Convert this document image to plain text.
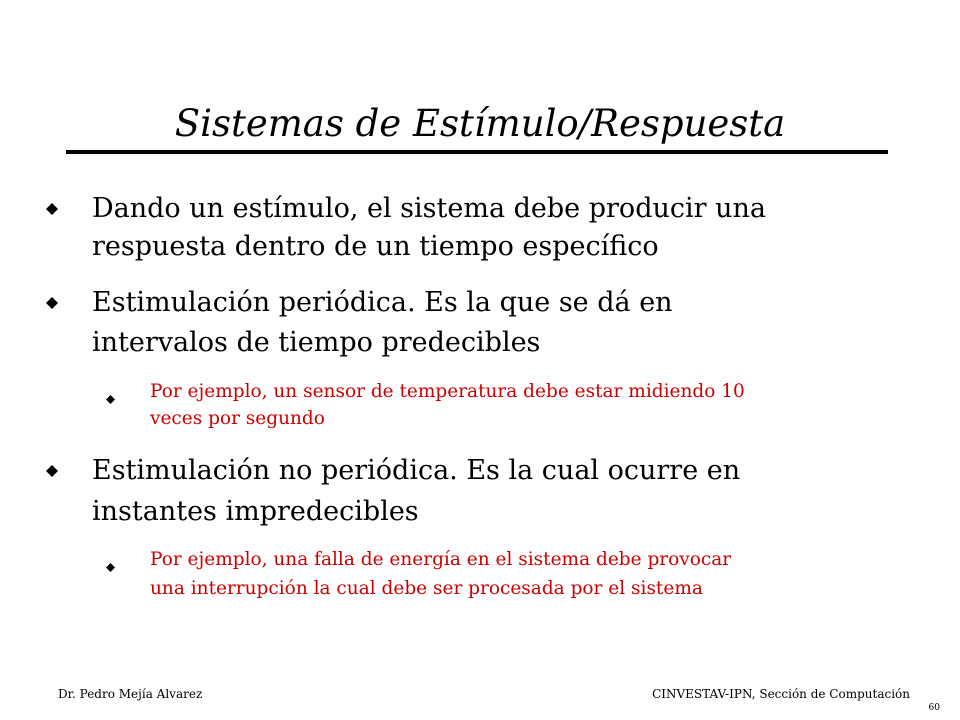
Sistemas de Estímulo/Respuesta
Dando un estímulo, el sistema debe producir una
respuesta dentro de un tiempo específico
Estimulación periódica. Es la que se dá en
intervalos de tiempo predecibles
Por ejemplo, un sensor de temperatura debe estar midiendo 10
veces por segundo
Estimulación no periódica. Es la cual ocurre en
instantes impredecibles
Por ejemplo, una falla de energía en el sistema debe provocar
una interrupción la cual debe ser procesada por el sistema
Dr. Pedro Mejía Alvarez	CINVESTAV-IPN, Sección de Computación
60
